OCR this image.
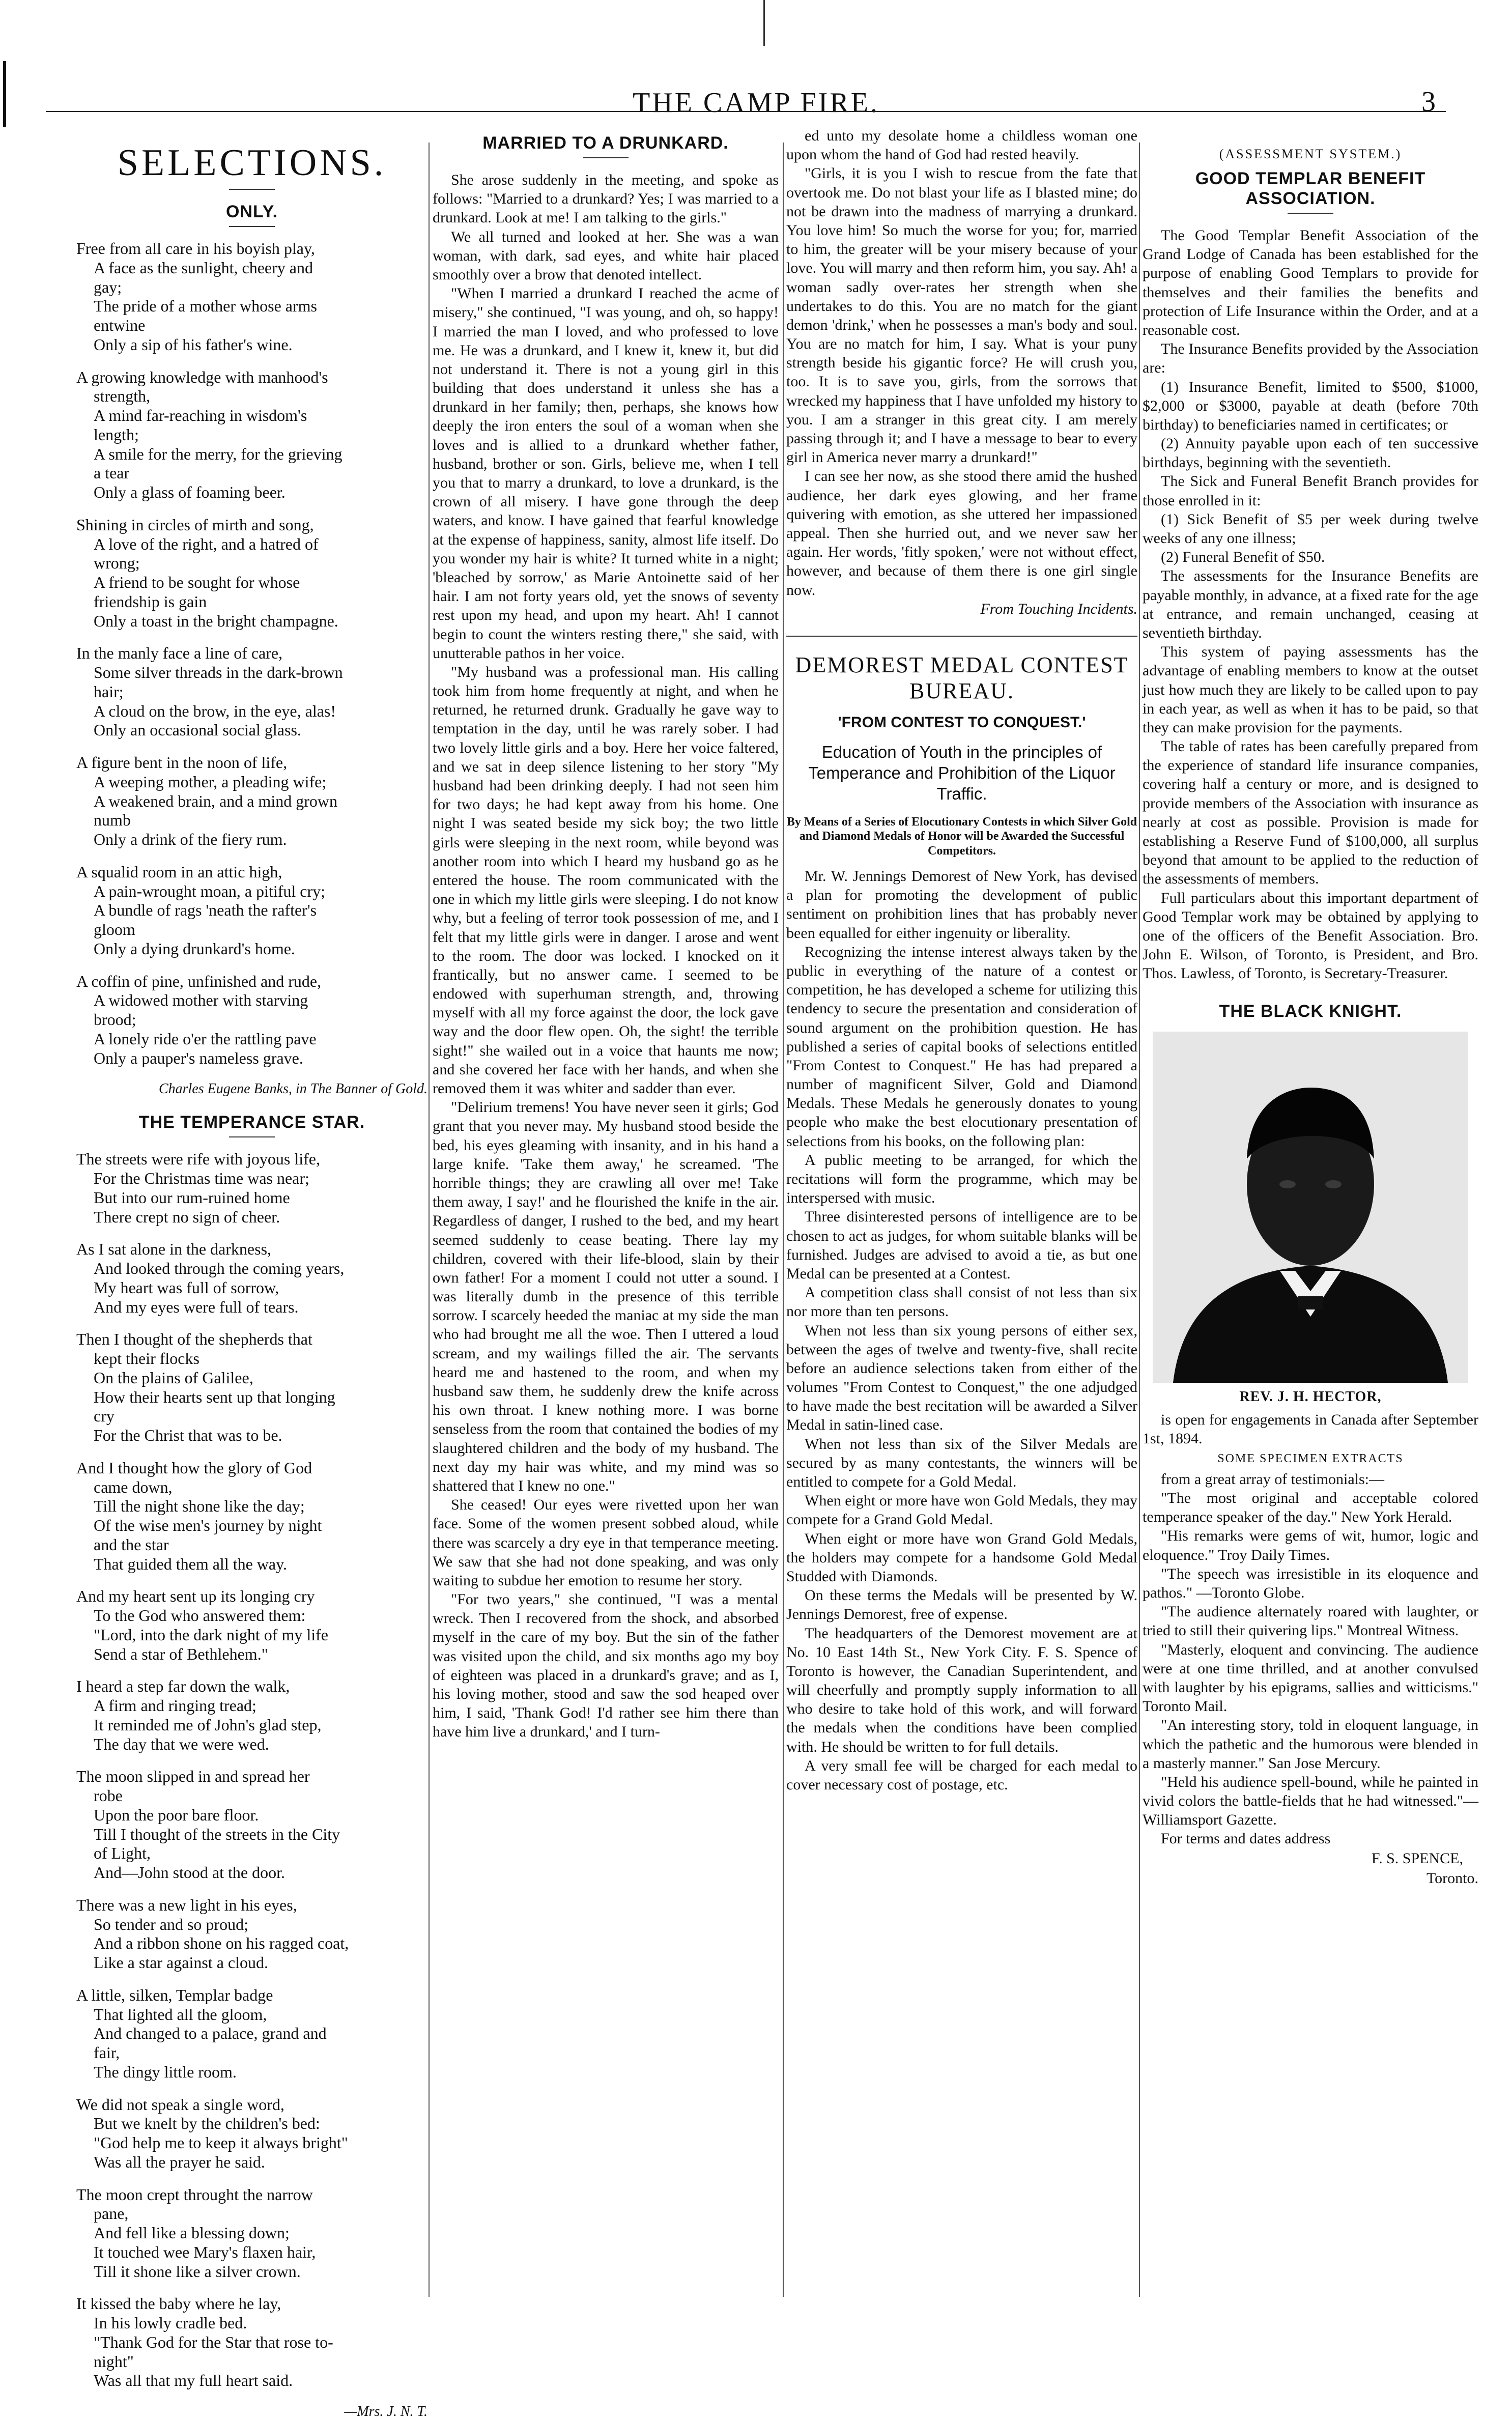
THE CAMP FIRE.	3
SELECTIONS.
ONLY.
Free from all care in his boyish play,
A face as the sunlight, cheery and
gay;
The pride of a mother whose arms
entwine
Only a sip of his father's wine.
A growing knowledge with manhood's
strength,
A mind far-reaching in wisdom's
length;
A smile for the merry, for the grieving
a tear
Only a glass of foaming beer.
Shining in circles of mirth and song,
A love of the right, and a hatred of
wrong;
A friend to be sought for whose
friendship is gain
Only a toast in the bright champagne.
In the manly face a line of care,
Some silver threads in the dark-brown
hair;
A cloud on the brow, in the eye, alas!
Only an occasional social glass.
A figure bent in the noon of life,
A weeping mother, a pleading wife;
A weakened brain, and a mind grown
numb
Only a drink of the fiery rum.
A squalid room in an attic high,
A pain-wrought moan, a pitiful cry;
A bundle of rags 'neath the rafter's
gloom
Only a dying drunkard's home.
A coffin of pine, unfinished and rude,
A widowed mother with starving
brood;
A lonely ride o'er the rattling pave
Only a pauper's nameless grave.
Charles Eugene Banks, in The Banner of Gold.
THE TEMPERANCE STAR.
The streets were rife with joyous life,
For the Christmas time was near;
But into our rum-ruined home
There crept no sign of cheer.
As I sat alone in the darkness,
And looked through the coming years,
My heart was full of sorrow,
And my eyes were full of tears.
Then I thought of the shepherds that
kept their flocks
On the plains of Galilee,
How their hearts sent up that longing
cry
For the Christ that was to be.
And I thought how the glory of God
came down,
Till the night shone like the day;
Of the wise men's journey by night
and the star
That guided them all the way.
And my heart sent up its longing cry
To the God who answered them:
"Lord, into the dark night of my life
Send a star of Bethlehem."
I heard a step far down the walk,
A firm and ringing tread;
It reminded me of John's glad step,
The day that we were wed.
The moon slipped in and spread her
robe
Upon the poor bare floor.
Till I thought of the streets in the City
of Light,
And—John stood at the door.
There was a new light in his eyes,
So tender and so proud;
And a ribbon shone on his ragged coat,
Like a star against a cloud.
A little, silken, Templar badge
That lighted all the gloom,
And changed to a palace, grand and
fair,
The dingy little room.
We did not speak a single word,
But we knelt by the children's bed:
"God help me to keep it always bright"
Was all the prayer he said.
The moon crept throught the narrow
pane,
And fell like a blessing down;
It touched wee Mary's flaxen hair,
Till it shone like a silver crown.
It kissed the baby where he lay,
In his lowly cradle bed.
"Thank God for the Star that rose to-
night"
Was all that my full heart said.
—Mrs. J. N. T.
MARRIED TO A DRUNKARD.

She arose suddenly in the meeting, and spoke as follows: "Married to a drunkard? Yes; I was married to a drunkard. Look at me! I am talking to the girls."

We all turned and looked at her. She was a wan woman, with dark, sad eyes, and white hair placed smoothly over a brow that denoted intellect.

"When I married a drunkard I reached the acme of misery," she continued, "I was young, and oh, so happy! I married the man I loved, and who professed to love me. He was a drunkard, and I knew it, knew it, but did not understand it. There is not a young girl in this building that does understand it unless she has a drunkard in her family; then, perhaps, she knows how deeply the iron enters the soul of a woman when she loves and is allied to a drunkard whether father, husband, brother or son. Girls, believe me, when I tell you that to marry a drunkard, to love a drunkard, is the crown of all misery. I have gone through the deep waters, and know. I have gained that fearful knowledge at the expense of happiness, sanity, almost life itself. Do you wonder my hair is white? It turned white in a night; 'bleached by sorrow,' as Marie Antoinette said of her hair. I am not forty years old, yet the snows of seventy rest upon my head, and upon my heart. Ah! I cannot begin to count the winters resting there," she said, with unutterable pathos in her voice.

"My husband was a professional man. His calling took him from home frequently at night, and when he returned, he returned drunk. Gradually he gave way to temptation in the day, until he was rarely sober. I had two lovely little girls and a boy. Here her voice faltered, and we sat in deep silence listening to her story "My husband had been drinking deeply. I had not seen him for two days; he had kept away from his home. One night I was seated beside my sick boy; the two little girls were sleeping in the next room, while beyond was another room into which I heard my husband go as he entered the house. The room communicated with the one in which my little girls were sleeping. I do not know why, but a feeling of terror took possession of me, and I felt that my little girls were in danger. I arose and went to the room. The door was locked. I knocked on it frantically, but no answer came. I seemed to be endowed with superhuman strength, and, throwing myself with all my force against the door, the lock gave way and the door flew open. Oh, the sight! the terrible sight!" she wailed out in a voice that haunts me now; and she covered her face with her hands, and when she removed them it was whiter and sadder than ever.

"Delirium tremens! You have never seen it girls; God grant that you never may. My husband stood beside the bed, his eyes gleaming with insanity, and in his hand a large knife. 'Take them away,' he screamed. 'The horrible things; they are crawling all over me! Take them away, I say!' and he flourished the knife in the air. Regardless of danger, I rushed to the bed, and my heart seemed suddenly to cease beating. There lay my children, covered with their life-blood, slain by their own father! For a moment I could not utter a sound. I was literally dumb in the presence of this terrible sorrow. I scarcely heeded the maniac at my side the man who had brought me all the woe. Then I uttered a loud scream, and my wailings filled the air. The servants heard me and hastened to the room, and when my husband saw them, he suddenly drew the knife across his own throat. I knew nothing more. I was borne senseless from the room that contained the bodies of my slaughtered children and the body of my husband. The next day my hair was white, and my mind was so shattered that I knew no one."

She ceased! Our eyes were rivetted upon her wan face. Some of the women present sobbed aloud, while there was scarcely a dry eye in that temperance meeting. We saw that she had not done speaking, and was only waiting to subdue her emotion to resume her story.

"For two years," she continued, "I was a mental wreck. Then I recovered from the shock, and absorbed myself in the care of my boy. But the sin of the father was visited upon the child, and six months ago my boy of eighteen was placed in a drunkard's grave; and as I, his loving mother, stood and saw the sod heaped over him, I said, 'Thank God! I'd rather see him there than have him live a drunkard,' and I turn-

ed unto my desolate home a childless woman one upon whom the hand of God had rested heavily.

"Girls, it is you I wish to rescue from the fate that overtook me. Do not blast your life as I blasted mine; do not be drawn into the madness of marrying a drunkard. You love him! So much the worse for you; for, married to him, the greater will be your misery because of your love. You will marry and then reform him, you say. Ah! a woman sadly over-rates her strength when she undertakes to do this. You are no match for the giant demon 'drink,' when he possesses a man's body and soul. You are no match for him, I say. What is your puny strength beside his gigantic force? He will crush you, too. It is to save you, girls, from the sorrows that wrecked my happiness that I have unfolded my history to you. I am a stranger in this great city. I am merely passing through it; and I have a message to bear to every girl in America never marry a drunkard!"

I can see her now, as she stood there amid the hushed audience, her dark eyes glowing, and her frame quivering with emotion, as she uttered her impassioned appeal. Then she hurried out, and we never saw her again. Her words, 'fitly spoken,' were not without effect, however, and because of them there is one girl single now.

From Touching Incidents.
DEMOREST MEDAL CONTEST BUREAU.
'FROM CONTEST TO CONQUEST.'
Education of Youth in the principles of Temperance and Prohibition of the Liquor Traffic.
By Means of a Series of Elocutionary Contests in which Silver Gold and Diamond Medals of Honor will be Awarded the Successful Competitors.

Mr. W. Jennings Demorest of New York, has devised a plan for promoting the development of public sentiment on prohibition lines that has probably never been equalled for either ingenuity or liberality.

Recognizing the intense interest always taken by the public in everything of the nature of a contest or competition, he has developed a scheme for utilizing this tendency to secure the presentation and consideration of sound argument on the prohibition question. He has published a series of capital books of selections entitled "From Contest to Conquest." He has had prepared a number of magnificent Silver, Gold and Diamond Medals. These Medals he generously donates to young people who make the best elocutionary presentation of selections from his books, on the following plan:

A public meeting to be arranged, for which the recitations will form the programme, which may be interspersed with music.

Three disinterested persons of intelligence are to be chosen to act as judges, for whom suitable blanks will be furnished. Judges are advised to avoid a tie, as but one Medal can be presented at a Contest.

A competition class shall consist of not less than six nor more than ten persons.

When not less than six young persons of either sex, between the ages of twelve and twenty-five, shall recite before an audience selections taken from either of the volumes "From Contest to Conquest," the one adjudged to have made the best recitation will be awarded a Silver Medal in satin-lined case.

When not less than six of the Silver Medals are secured by as many contestants, the winners will be entitled to compete for a Gold Medal.

When eight or more have won Gold Medals, they may compete for a Grand Gold Medal.

When eight or more have won Grand Gold Medals, the holders may compete for a handsome Gold Medal Studded with Diamonds.

On these terms the Medals will be presented by W. Jennings Demorest, free of expense.

The headquarters of the Demorest movement are at No. 10 East 14th St., New York City. F. S. Spence of Toronto is however, the Canadian Superintendent, and will cheerfully and promptly supply information to all who desire to take hold of this work, and will forward the medals when the conditions have been complied with. He should be written to for full details.

A very small fee will be charged for each medal to cover necessary cost of postage, etc.

(ASSESSMENT SYSTEM.)
GOOD TEMPLAR BENEFIT ASSOCIATION.

The Good Templar Benefit Association of the Grand Lodge of Canada has been established for the purpose of enabling Good Templars to provide for themselves and their families the benefits and protection of Life Insurance within the Order, and at a reasonable cost.

The Insurance Benefits provided by the Association are:

(1) Insurance Benefit, limited to $500, $1000, $2,000 or $3000, payable at death (before 70th birthday) to beneficiaries named in certificates; or

(2) Annuity payable upon each of ten successive birthdays, beginning with the seventieth.

The Sick and Funeral Benefit Branch provides for those enrolled in it:

(1) Sick Benefit of $5 per week during twelve weeks of any one illness;

(2) Funeral Benefit of $50.

The assessments for the Insurance Benefits are payable monthly, in advance, at a fixed rate for the age at entrance, and remain unchanged, ceasing at seventieth birthday.

This system of paying assessments has the advantage of enabling members to know at the outset just how much they are likely to be called upon to pay in each year, as well as when it has to be paid, so that they can make provision for the payments.

The table of rates has been carefully prepared from the experience of standard life insurance companies, covering half a century or more, and is designed to provide members of the Association with insurance as nearly at cost as possible. Provision is made for establishing a Reserve Fund of $100,000, all surplus beyond that amount to be applied to the reduction of the assessments of members.

Full particulars about this important department of Good Templar work may be obtained by applying to one of the officers of the Benefit Association. Bro. John E. Wilson, of Toronto, is President, and Bro. Thos. Lawless, of Toronto, is Secretary-Treasurer.

THE BLACK KNIGHT.
REV. J. H. HECTOR,

is open for engagements in Canada after September 1st, 1894.

SOME SPECIMEN EXTRACTS

from a great array of testimonials:—

"The most original and acceptable colored temperance speaker of the day." New York Herald.

"His remarks were gems of wit, humor, logic and eloquence." Troy Daily Times.

"The speech was irresistible in its eloquence and pathos." —Toronto Globe.

"The audience alternately roared with laughter, or tried to still their quivering lips." Montreal Witness.

"Masterly, eloquent and convincing. The audience were at one time thrilled, and at another convulsed with laughter by his epigrams, sallies and witticisms." Toronto Mail.

"An interesting story, told in eloquent language, in which the pathetic and the humorous were blended in a masterly manner." San Jose Mercury.

"Held his audience spell-bound, while he painted in vivid colors the battle-fields that he had witnessed."— Williamsport Gazette.

For terms and dates address

F. S. SPENCE,
Toronto.
